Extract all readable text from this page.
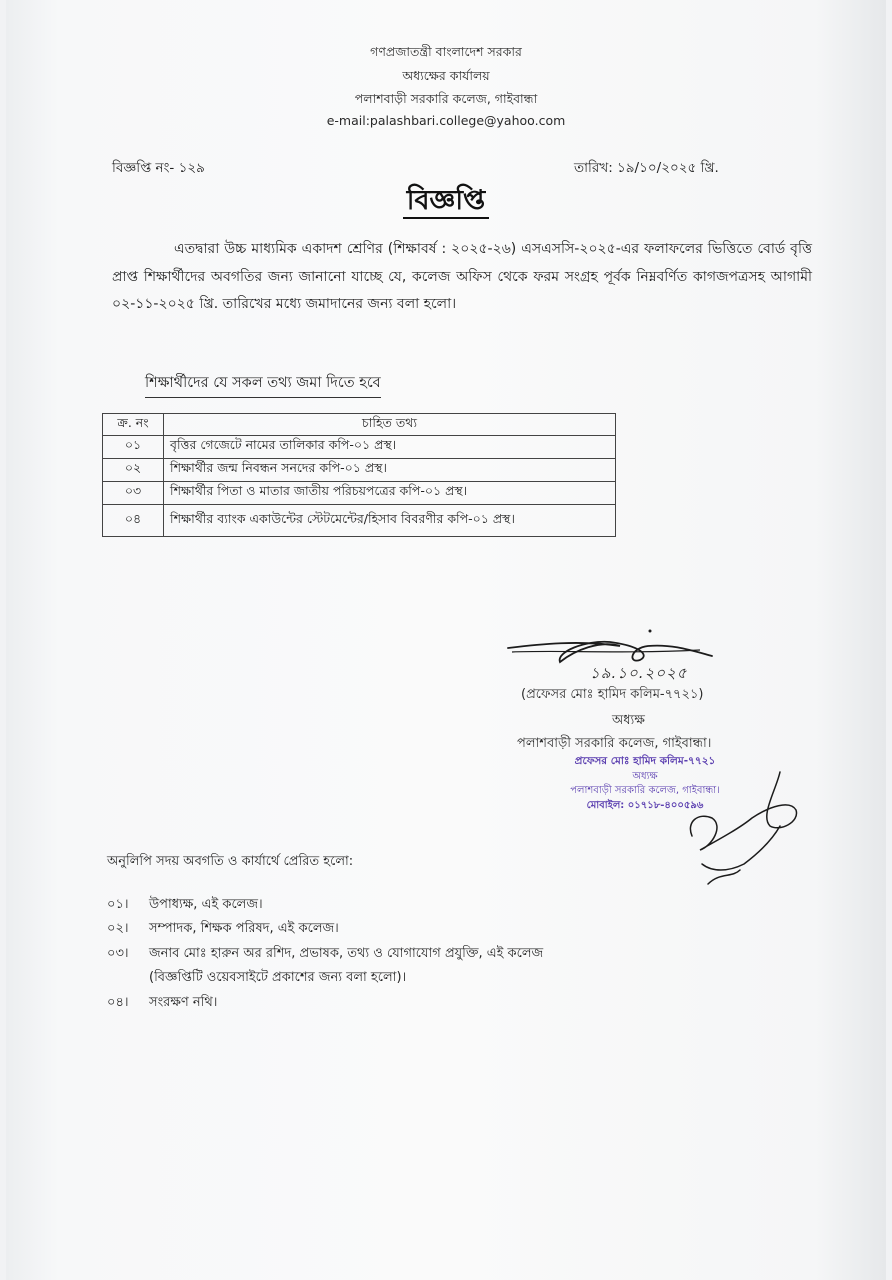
গণপ্রজাতন্ত্রী বাংলাদেশ সরকার
অধ্যক্ষের কার্যালয়
পলাশবাড়ী সরকারি কলেজ, গাইবান্ধা
e-mail:palashbari.college@yahoo.com
বিজ্ঞপ্তি নং- ১২৯	তারিখ: ১৯/১০/২০২৫ খ্রি.
বিজ্ঞপ্তি
এতদ্বারা উচ্চ মাধ্যমিক একাদশ শ্রেণির (শিক্ষাবর্ষ : ২০২৫-২৬) এসএসসি-২০২৫-এর ফলাফলের ভিত্তিতে বোর্ড বৃত্তি প্রাপ্ত শিক্ষার্থীদের অবগতির জন্য জানানো যাচ্ছে যে, কলেজ অফিস থেকে ফরম সংগ্রহ পূর্বক নিম্নবর্ণিত কাগজপত্রসহ আগামী ০২-১১-২০২৫ খ্রি. তারিখের মধ্যে জমাদানের জন্য বলা হলো।
শিক্ষার্থীদের যে সকল তথ্য জমা দিতে হবে
ক্র. নং	চাহিত তথ্য
০১	বৃত্তির গেজেটে নামের তালিকার কপি-০১ প্রস্থ।
০২	শিক্ষার্থীর জন্ম নিবন্ধন সনদের কপি-০১ প্রস্থ।
০৩	শিক্ষার্থীর পিতা ও মাতার জাতীয় পরিচয়পত্রের কপি-০১ প্রস্থ।
০৪	শিক্ষার্থীর ব্যাংক একাউন্টের স্টেটমেন্টের/হিসাব বিবরণীর কপি-০১ প্রস্থ।
১৯.১০.২০২৫
(প্রফেসর মোঃ হামিদ কলিম-৭৭২১)
অধ্যক্ষ
পলাশবাড়ী সরকারি কলেজ, গাইবান্ধা।
প্রফেসর মোঃ হামিদ কলিম-৭৭২১
অধ্যক্ষ
পলাশবাড়ী সরকারি কলেজ, গাইবান্ধা।
মোবাইল: ০১৭১৮-৪০০৫৯৬
অনুলিপি সদয় অবগতি ও কার্যার্থে প্রেরিত হলো:
০১। উপাধ্যক্ষ, এই কলেজ।
০২। সম্পাদক, শিক্ষক পরিষদ, এই কলেজ।
০৩। জনাব মোঃ হারুন অর রশিদ, প্রভাষক, তথ্য ও যোগাযোগ প্রযুক্তি, এই কলেজ
(বিজ্ঞপ্তিটি ওয়েবসাইটে প্রকাশের জন্য বলা হলো)।
০৪। সংরক্ষণ নথি।
